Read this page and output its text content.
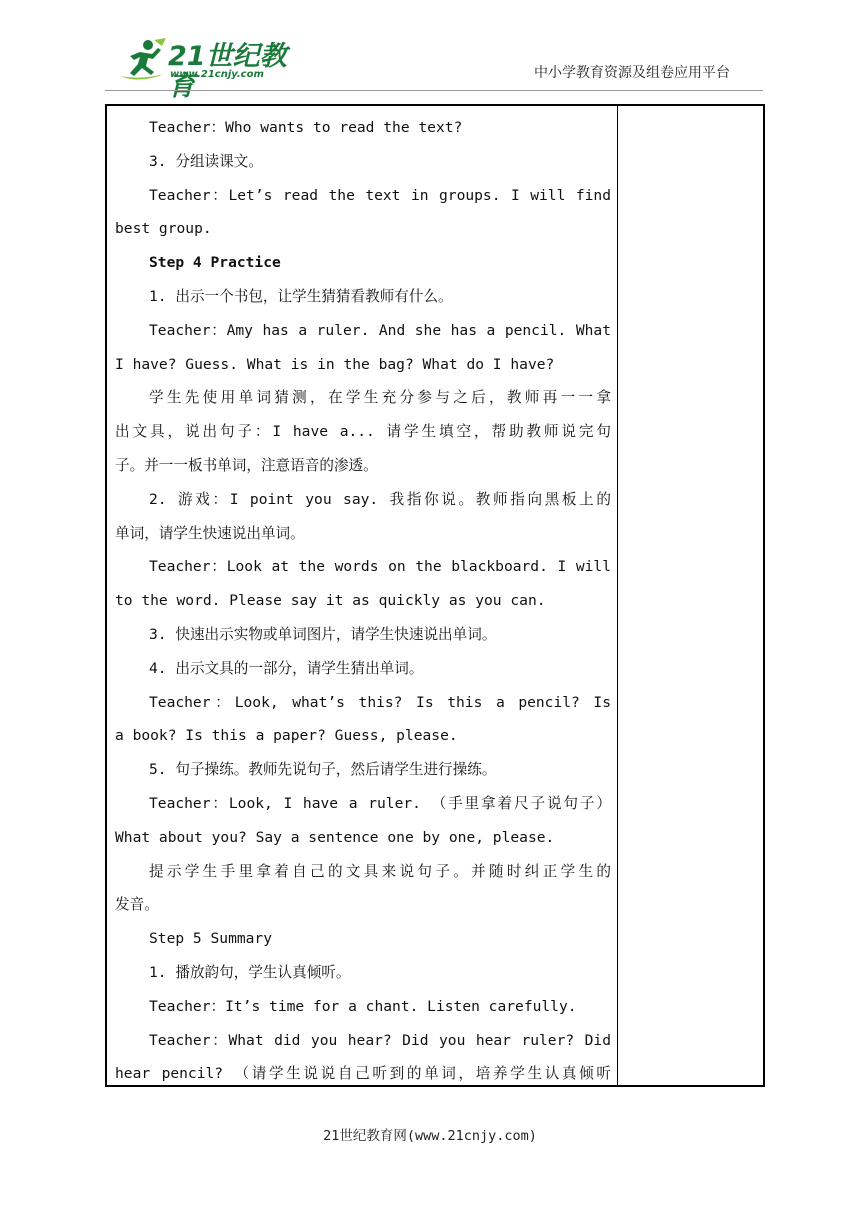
21世纪教育
www.21cnjy.com	中小学教育资源及组卷应用平台
Teacher：Who wants to read the text?
3. 分组读课文。
Teacher：Let’s read the text in groups. I will find
best group.
Step 4 Practice
1. 出示一个书包，让学生猜猜看教师有什么。
Teacher：Amy has a ruler. And she has a pencil. What
I have? Guess. What is in the bag? What do I have?
学生先使用单词猜测，在学生充分参与之后，教师再一一拿
出文具，说出句子：I have a... 请学生填空，帮助教师说完句
子。并一一板书单词，注意语音的渗透。
2. 游戏：I point you say. 我指你说。教师指向黑板上的
单词，请学生快速说出单词。
Teacher：Look at the words on the blackboard. I will
to the word. Please say it as quickly as you can.
3. 快速出示实物或单词图片，请学生快速说出单词。
4. 出示文具的一部分，请学生猜出单词。
Teacher：Look, what’s this? Is this a pencil? Is
a book? Is this a paper? Guess, please.
5. 句子操练。教师先说句子，然后请学生进行操练。
Teacher：Look, I have a ruler. （手里拿着尺子说句子）
What about you? Say a sentence one by one, please.
提示学生手里拿着自己的文具来说句子。并随时纠正学生的
发音。
Step 5 Summary
1. 播放韵句，学生认真倾听。
Teacher：It’s time for a chant. Listen carefully.
Teacher：What did you hear? Did you hear ruler? Did
hear pencil? （请学生说说自己听到的单词，培养学生认真倾听
21世纪教育网(www.21cnjy.com)
